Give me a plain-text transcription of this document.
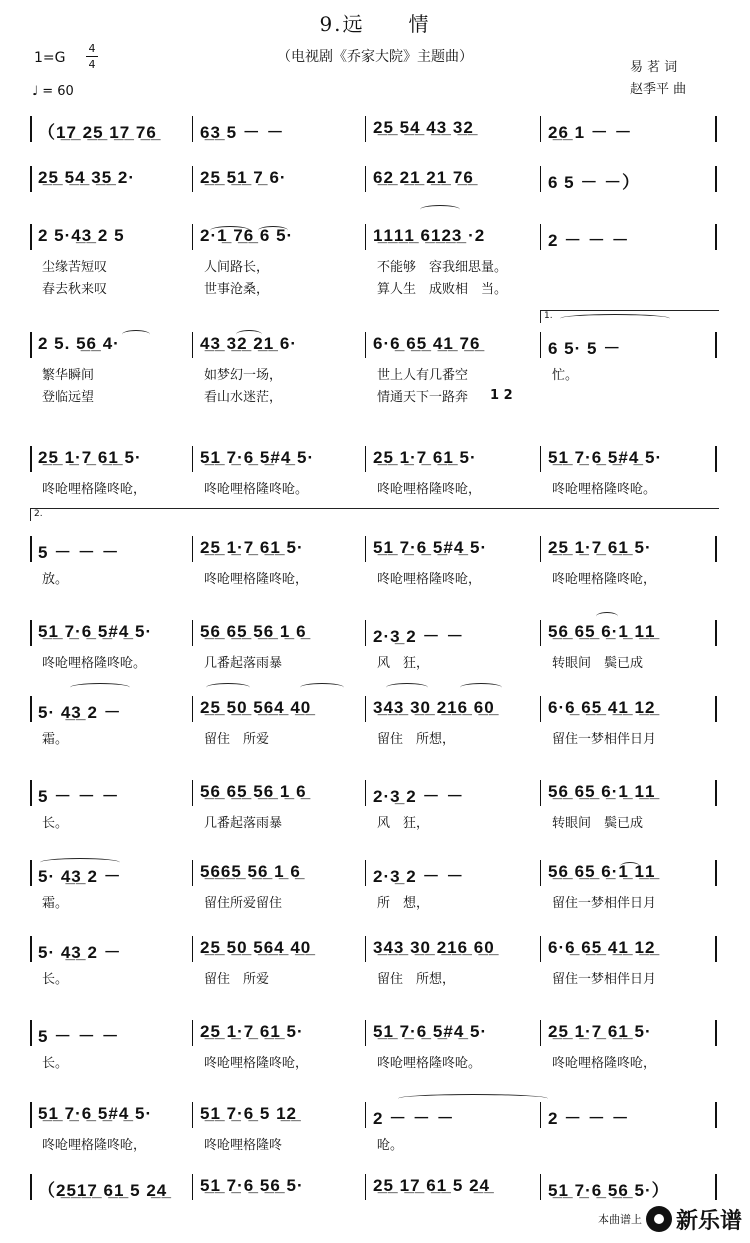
9.远　　情
（电视剧《乔家大院》主题曲）
1=G
4
4
♩ = 60
易 茗 词
赵季平 曲
（1̲7̲ 2̲5̲ 1̲7̲ 7̲6̲	6̲3̲ 5 － －	2̲5̲ 5̲4̲ 4̲3̲ 3̲2̲	2̲6̲ 1 － －
2̲5̲ 5̲4̲ 3̲5̲ 2·	2̲5̲ 5̲1̲ 7̲ 6·	6̲2̲ 2̲1̲ 2̲1̲ 7̲6̲	6 5 － －）
2 5·4̲3̲ 2 5	2·1̲ 7̲6̲ 6 5·	1̲1̲1̲1̲ 6̲1̲2̲3̲ ·2	2 － － －
尘缘苦短叹	人间路长，	不能够　容我细思量。
春去秋来叹	世事沧桑，	算人生　成败相　当。
2 5. 5̲6̲ 4·	4̲3̲ 3̲2̲ 2̲1̲ 6·	6·6̲ 6̲5̲ 4̲1̲ 7̲6̲	6 5· 5 －
繁华瞬间	如梦幻一场，	世上人有几番空	忙。
登临远望	看山水迷茫，	情通天下一路奔
2̲5̲ 1̲·7̲ 6̲1̲ 5·	5̲1̲ 7̲·6̲ 5̲#4̲ 5·	2̲5̲ 1̲·7̲ 6̲1̲ 5·	5̲1̲ 7̲·6̲ 5̲#4̲ 5·
咚呛哩格隆咚呛，	咚呛哩格隆咚呛。	咚呛哩格隆咚呛，	咚呛哩格隆咚呛。
5 － － －	2̲5̲ 1̲·7̲ 6̲1̲ 5·	5̲1̲ 7̲·6̲ 5̲#4̲ 5·	2̲5̲ 1̲·7̲ 6̲1̲ 5·
放。	咚呛哩格隆咚呛，	咚呛哩格隆咚呛，	咚呛哩格隆咚呛，
5̲1̲ 7̲·6̲ 5̲#4̲ 5·	5̲6̲ 6̲5̲ 5̲6̲ 1̲ 6̲	2·3̲ 2 － －	5̲6̲ 6̲5̲ 6̲·1̲ 1̲1̲
咚呛哩格隆咚呛。	几番起落雨暴	风　狂，	转眼间　鬓已成
5· 4̲3̲ 2 －	2̲5̲ 5̲0̲ 5̲6̲4̲ 4̲0̲	3̲4̲3̲ 3̲0̲ 2̲1̲6̲ 6̲0̲	6·6̲ 6̲5̲ 4̲1̲ 1̲2̲
霜。	留住　所爱	留住　所想，	留住一梦相伴日月
5 － － －	5̲6̲ 6̲5̲ 5̲6̲ 1̲ 6̲	2·3̲ 2 － －	5̲6̲ 6̲5̲ 6̲·1̲ 1̲1̲
长。	几番起落雨暴	风　狂，	转眼间　鬓已成
5· 4̲3̲ 2 －	5̲6̲6̲5̲ 5̲6̲ 1̲ 6̲	2·3̲ 2 － －	5̲6̲ 6̲5̲ 6̲·1̲ 1̲1̲
霜。	留住所爱留住	所　想，	留住一梦相伴日月
5· 4̲3̲ 2 －	2̲5̲ 5̲0̲ 5̲6̲4̲ 4̲0̲	3̲4̲3̲ 3̲0̲ 2̲1̲6̲ 6̲0̲	6·6̲ 6̲5̲ 4̲1̲ 1̲2̲
长。	留住　所爱	留住　所想，	留住一梦相伴日月
5 － － －	2̲5̲ 1̲·7̲ 6̲1̲ 5·	5̲1̲ 7̲·6̲ 5̲#4̲ 5·	2̲5̲ 1̲·7̲ 6̲1̲ 5·
长。	咚呛哩格隆咚呛，	咚呛哩格隆咚呛。	咚呛哩格隆咚呛，
5̲1̲ 7̲·6̲ 5̲#4̲ 5·	5̲1̲ 7̲·6̲ 5 1̲2̲	2 － － －	2 － － －
咚呛哩格隆咚呛，	咚呛哩格隆咚	呛。
（2̲5̲1̲7̲ 6̲1̲ 5 2̲4̲ 5̲1̲ 7̲·6̲ 5̲6̲ 5·	2̲5̲ 1̲7̲ 6̲1̲ 5 2̲4̲	5̲1̲ 7̲·6̲ 5̲6̲ 5·）
1.
2.
1 2
本曲谱上 新乐谱
